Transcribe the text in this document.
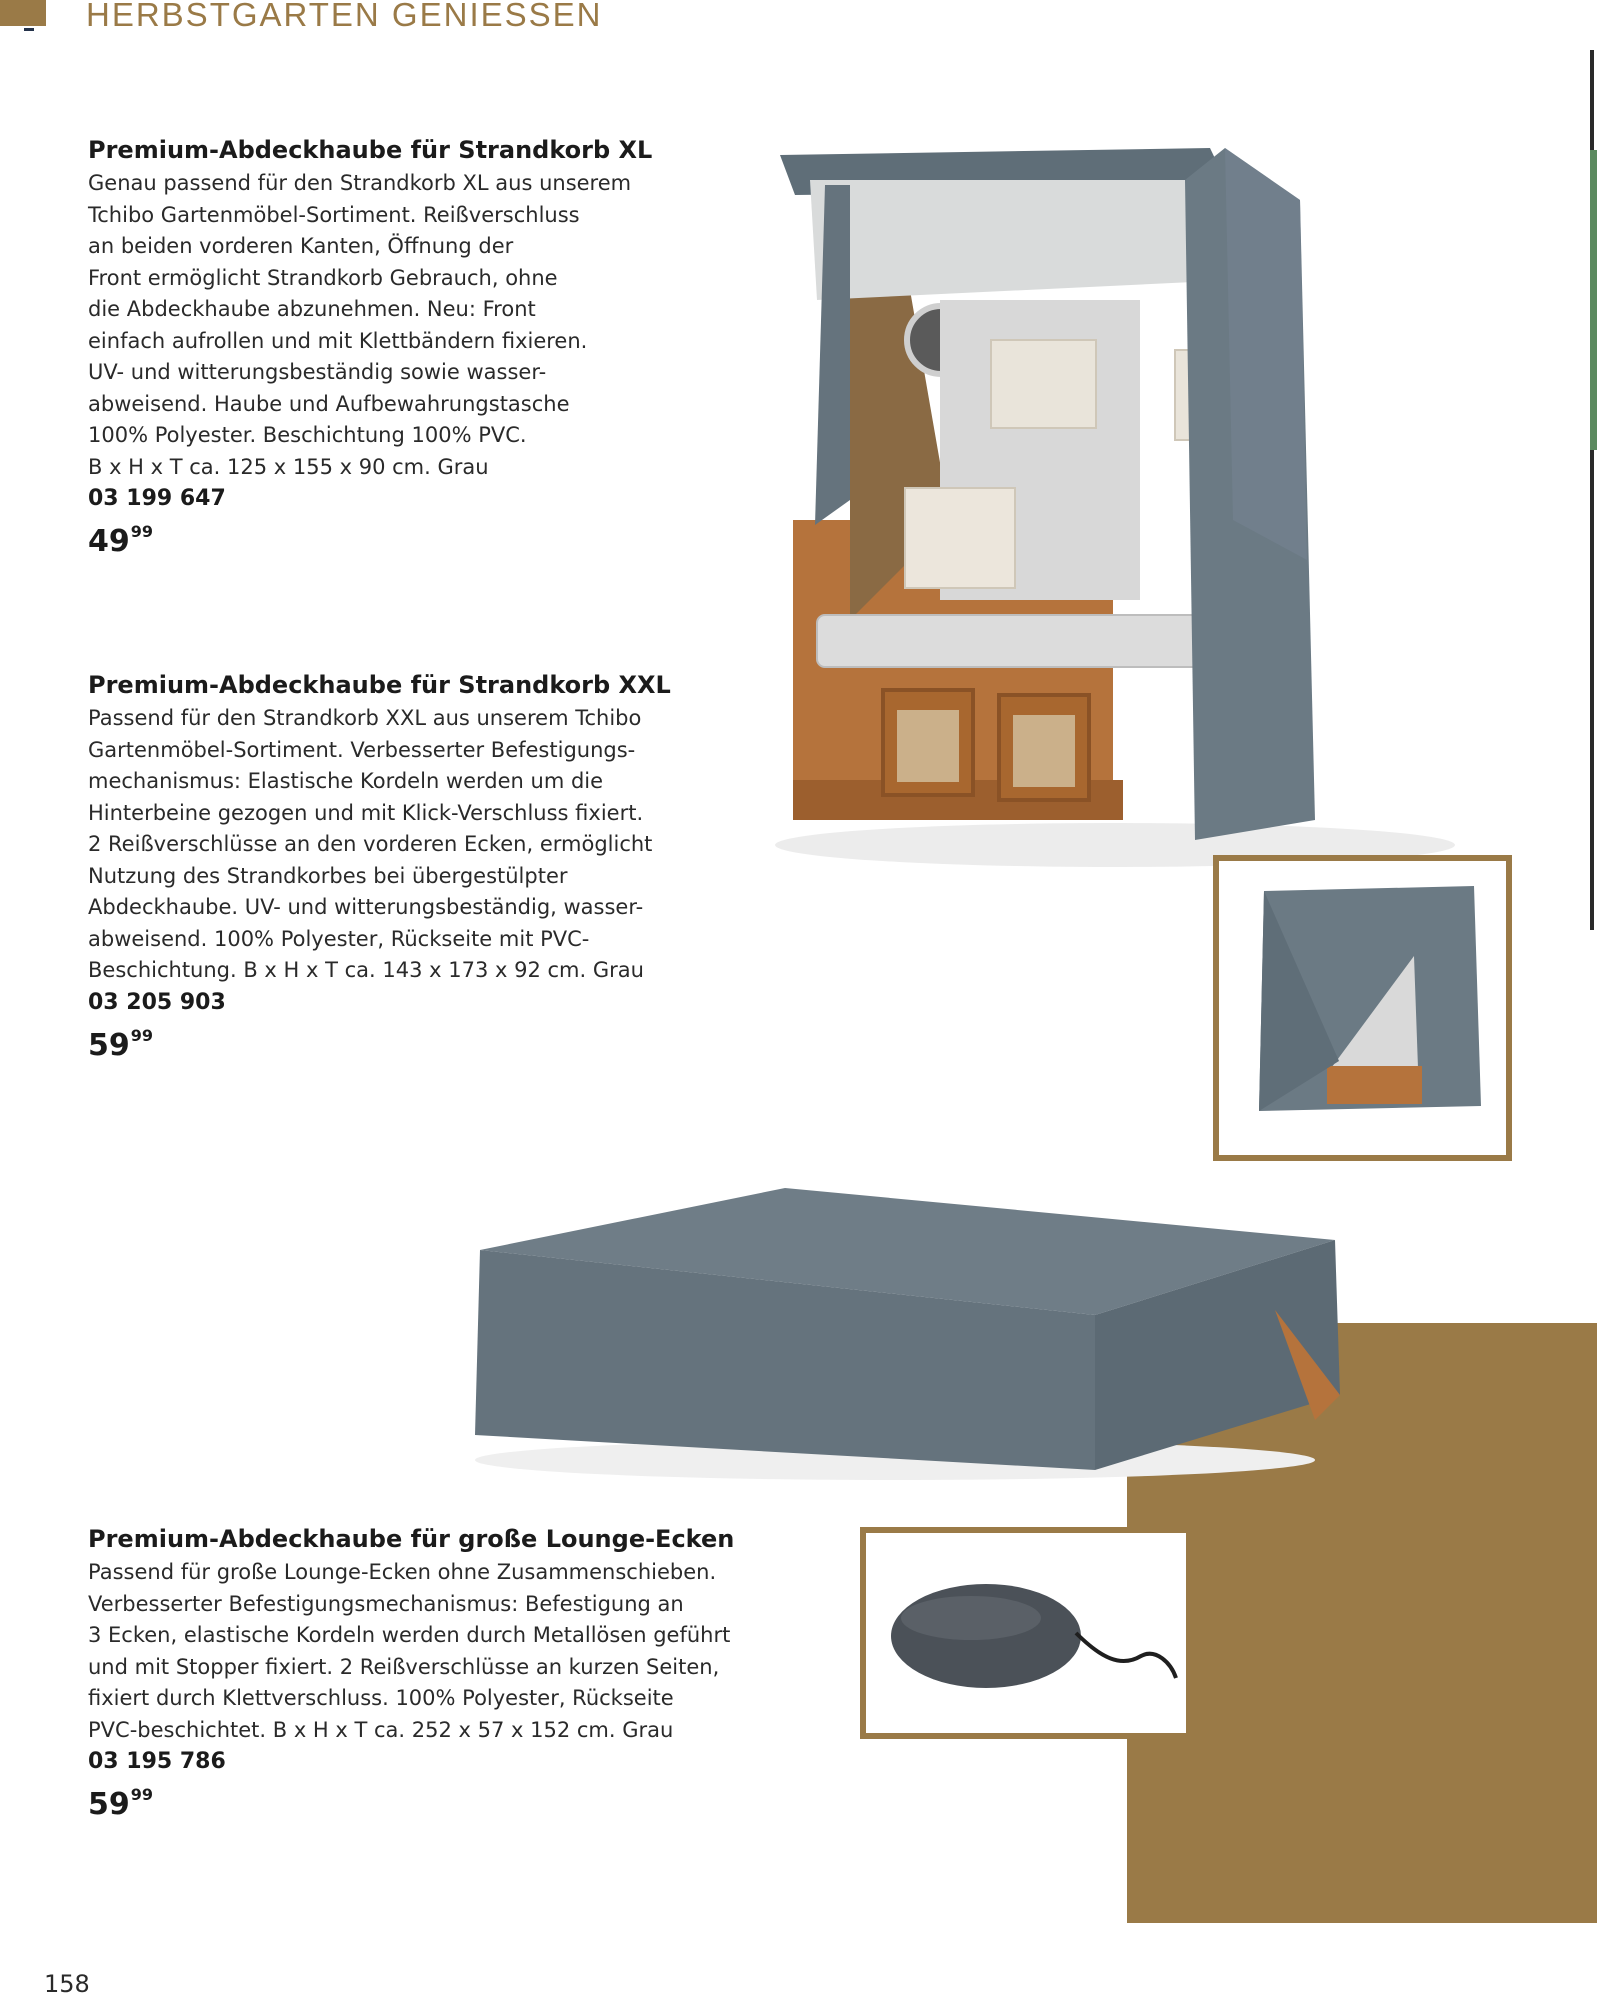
HERBSTGARTEN GENIESSEN
Premium-Abdeckhaube für Strandkorb XL
Genau passend für den Strandkorb XL aus unserem
Tchibo Gartenmöbel-Sortiment. Reißverschluss
an beiden vorderen Kanten, Öffnung der
Front ermöglicht Strandkorb Gebrauch, ohne
die Abdeckhaube abzunehmen. Neu: Front
einfach aufrollen und mit Klettbändern fixieren.
UV- und witterungsbeständig sowie wasser-
abweisend. Haube und Aufbewahrungstasche
100% Polyester. Beschichtung 100% PVC.
B x H x T ca. 125 x 155 x 90 cm. Grau
03 199 647
$49^{99}$
Premium-Abdeckhaube für Strandkorb XXL
Passend für den Strandkorb XXL aus unserem Tchibo
Gartenmöbel-Sortiment. Verbesserter Befestigungs-
mechanismus: Elastische Kordeln werden um die
Hinterbeine gezogen und mit Klick-Verschluss fixiert.
2 Reißverschlüsse an den vorderen Ecken, ermöglicht
Nutzung des Strandkorbes bei übergestülpter
Abdeckhaube. UV- und witterungsbeständig, wasser-
abweisend. 100% Polyester, Rückseite mit PVC-
Beschichtung. B x H x T ca. 143 x 173 x 92 cm. Grau
03 205 903
$59^{99}$
Premium-Abdeckhaube für große Lounge-Ecken
Passend für große Lounge-Ecken ohne Zusammenschieben.
Verbesserter Befestigungsmechanismus: Befestigung an
3 Ecken, elastische Kordeln werden durch Metallösen geführt
und mit Stopper fixiert. 2 Reißverschlüsse an kurzen Seiten,
fixiert durch Klettverschluss. 100% Polyester, Rückseite
PVC-beschichtet. B x H x T ca. 252 x 57 x 152 cm. Grau
03 195 786
$59^{99}$
158
